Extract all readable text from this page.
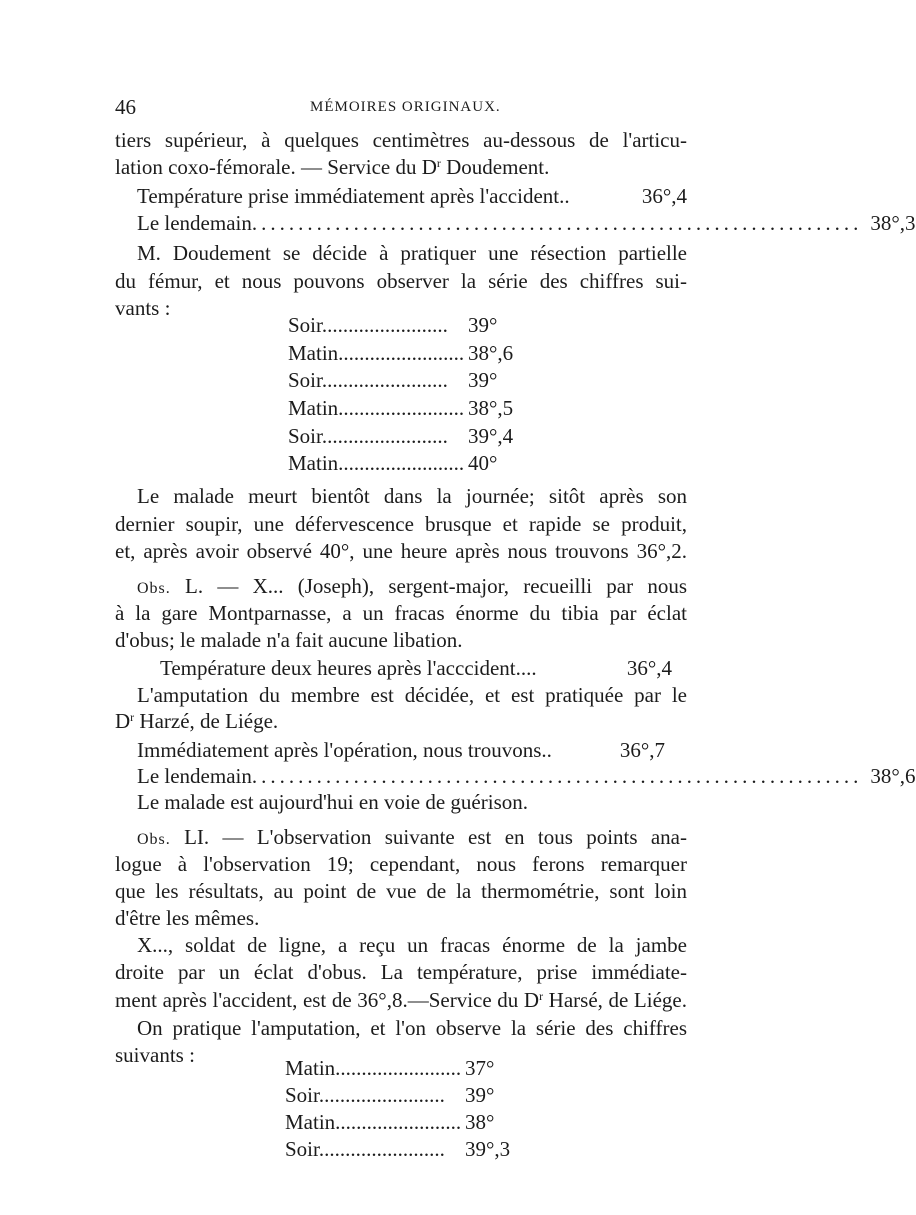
46	MÉMOIRES ORIGINAUX.
tiers supérieur, à quelques centimètres au-dessous de l'articu-
lation coxo-fémorale. — Service du $D^r$ Doudement.
Température prise immédiatement après l'accident..	36°,4
Le lendemain .................................................................. 38°,3
M. Doudement se décide à pratiquer une résection partielle
du fémur, et nous pouvons observer la série des chiffres sui-
vants :
Soir........................ 39°
Matin........................ 38°,6
Soir........................ 39°
Matin........................ 38°,5
Soir........................ 39°,4
Matin........................ 40°
Le malade meurt bientôt dans la journée; sitôt après son
dernier soupir, une défervescence brusque et rapide se produit,
et, après avoir observé 40°, une heure après nous trouvons 36°,2.
Obs. L. — X... (Joseph), sergent-major, recueilli par nous
à la gare Montparnasse, a un fracas énorme du tibia par éclat
d'obus; le malade n'a fait aucune libation.
Température deux heures après l'acccident....	36°,4
L'amputation du membre est décidée, et est pratiquée par le
$D^r$ Harzé, de Liége.
Immédiatement après l'opération, nous trouvons..	36°,7
Le lendemain .................................................................. 38°,6
Le malade est aujourd'hui en voie de guérison.
Obs. LI. — L'observation suivante est en tous points ana-
logue à l'observation 19; cependant, nous ferons remarquer
que les résultats, au point de vue de la thermométrie, sont loin
d'être les mêmes.
X..., soldat de ligne, a reçu un fracas énorme de la jambe
droite par un éclat d'obus. La température, prise immédiate-
ment après l'accident, est de 36°,8.—Service du $D^r$ Harsé, de Liége.
On pratique l'amputation, et l'on observe la série des chiffres
suivants :
Matin........................ 37°
Soir........................ 39°
Matin........................ 38°
Soir........................ 39°,3
